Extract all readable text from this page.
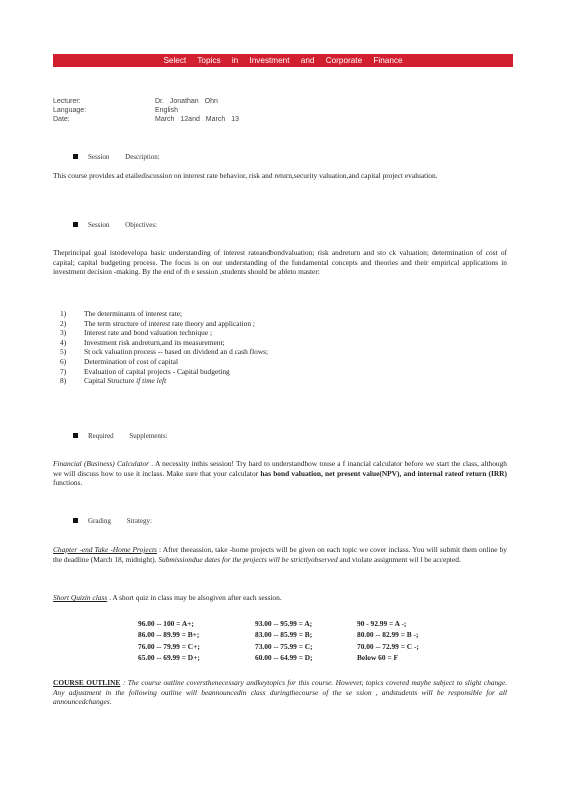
Select Topics in Investment and Corporate Finance
Lecturer:	Dr. Jonathan Ohn
Language:	English
Date:	March 12and March 13
Session Description:

This course provides ad etailediscussion on interest rate behavior, risk and return,security valuation,and capital project evaluation.

Session Objectives:

Theprincipal goal istodevelopa basic understanding of interest rateandbondvaluation; risk andreturn and sto ck valuation; determination of cost of capital; capital budgeting process. The focus is on our understanding of the fundamental concepts and theories and their empirical applications in investment decision -making. By the end of th e session ,students should be ableto master:

1) The determinants of interest rate;
2) The term structure of interest rate theory and application ;
3) Interest rate and bond valuation technique ;
4) Investment risk andreturn,and its measurement;
5) St ock valuation process -- based on dividend an d cash flows;
6) Determination of cost of capital
7) Evaluation of capital projects - Capital budgeting
8) Capital Structure if time left
Required Supplements:

Financial (Business) Calculator . A necessity inthis session! Try hard to understandhow touse a f inancial calculator before we start the class, although we will discuss how to use it inclass. Make sure that your calculator has bond valuation, net present value(NPV), and internal rateof return (IRR) functions.

Grading Strategy:

Chapter -end Take -Home Projects : After theeassion, take -home projects will be given on each topic we cover inclass. You will submit them online by the deadline (March 18, midnight). Submissiondue dates for the projects will be strictlyobserved and violate assignment wil l be accepted.

Short Quizin class . A short quiz in class may be alsogiven after each session.

96.00 -- 100 = A+;	93.00 -- 95.99 = A;	90 - 92.99 = A -;
86.00 -- 89.99 = B+;	83.00 -- 85.99 = B;	80.00 -- 82.99 = B -;
76.00 -- 79.99 = C+;	73.00 -- 75.99 = C;	70.00 -- 72.99 = C -;
65.00 -- 69.99 = D+;	60.00 -- 64.99 = D;	Below 60 = F

COURSE OUTLINE : The course outline coversthenecessary andkeytopics for this course. However, topics covered maybe subject to slight change. Any adjustment in the following outline will beannouncedin class duringthecourse of the se ssion , andstudents will be responsible for all announcedchanges.
